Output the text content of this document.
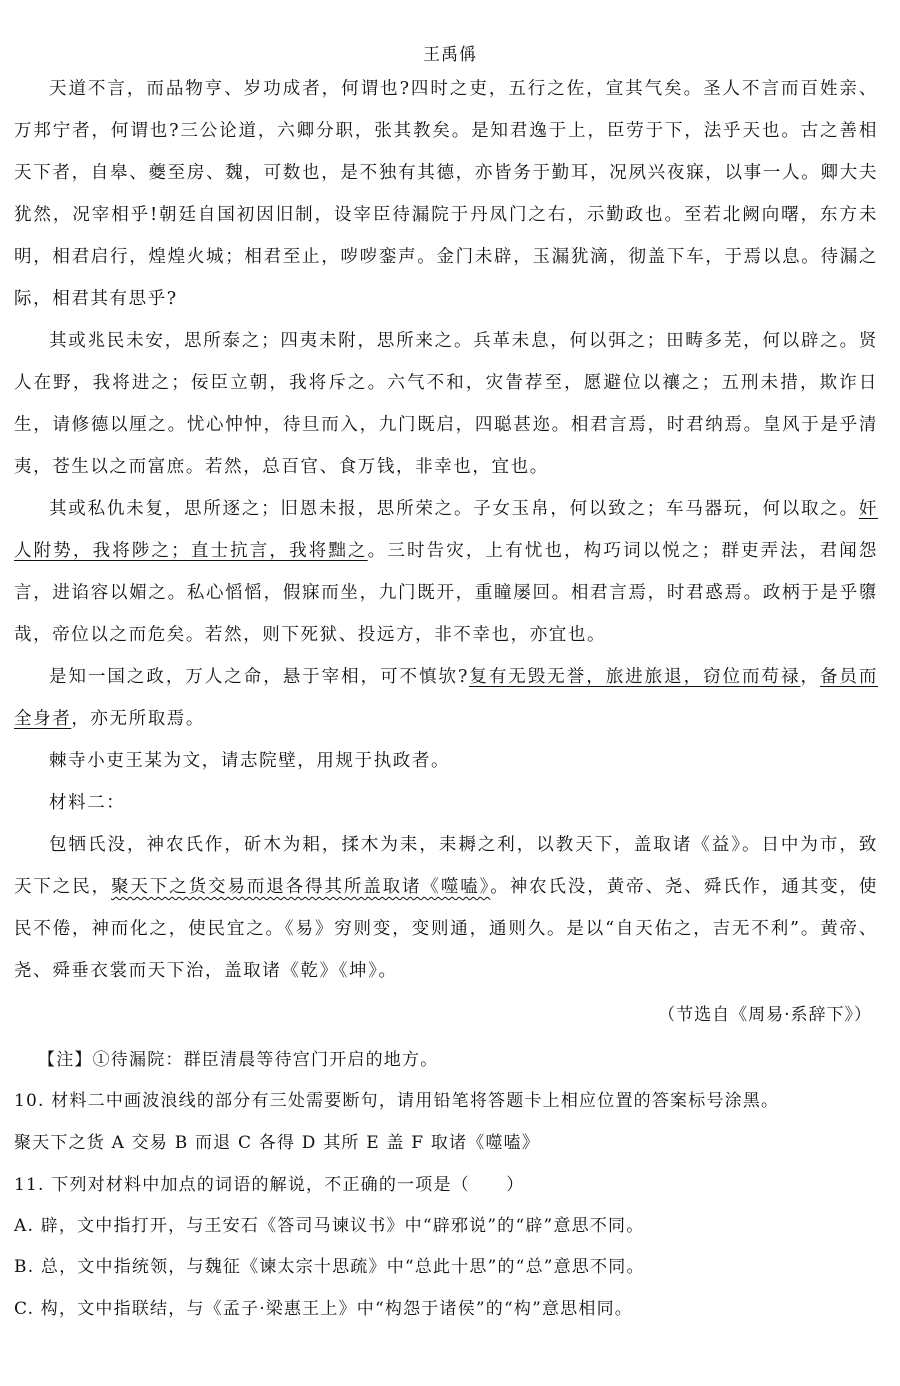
王禹偁

天道不言，而品物亨、岁功成者，何谓也?四时之吏，五行之佐，宣其气矣。圣人不言而百姓亲、万邦宁者，何谓也?三公论道，六卿分职，张其教矣。是知君逸于上，臣劳于下，法乎天也。古之善相天下者，自皋、夔至房、魏，可数也，是不独有其德，亦皆务于勤耳，况夙兴夜寐，以事一人。卿大夫犹然，况宰相乎!朝廷自国初因旧制，设宰臣待漏院于丹凤门之右，示勤政也。至若北阙向曙，东方未明，相君启行，煌煌火城；相君至止，哕哕銮声。金门未辟，玉漏犹滴，彻盖下车，于焉以息。待漏之际，相君其有思乎?

其或兆民未安，思所泰之；四夷未附，思所来之。兵革未息，何以弭之；田畴多芜，何以辟之。贤人在野，我将进之；佞臣立朝，我将斥之。六气不和，灾眚荐至，愿避位以禳之；五刑未措，欺诈日生，请修德以厘之。忧心忡忡，待旦而入，九门既启，四聪甚迩。相君言焉，时君纳焉。皇风于是乎清夷，苍生以之而富庶。若然，总百官、食万钱，非幸也，宜也。

其或私仇未复，思所逐之；旧恩未报，思所荣之。子女玉帛，何以致之；车马器玩，何以取之。奸人附势，我将陟之；直士抗言，我将黜之。三时告灾，上有忧也，构巧词以悦之；群吏弄法，君闻怨言，进谄容以媚之。私心慆慆，假寐而坐，九门既开，重瞳屡回。相君言焉，时君惑焉。政柄于是乎隳哉，帝位以之而危矣。若然，则下死狱、投远方，非不幸也，亦宜也。

是知一国之政，万人之命，悬于宰相，可不慎欤?复有无毁无誉，旅进旅退，窃位而苟禄，备员而全身者，亦无所取焉。

棘寺小吏王某为文，请志院壁，用规于执政者。

材料二：

包牺氏没，神农氏作，斫木为耜，揉木为耒，耒耨之利，以教天下，盖取诸《益》。日中为市，致天下之民，聚天下之货交易而退各得其所盖取诸《噬嗑》。神农氏没，黄帝、尧、舜氏作，通其变，使民不倦，神而化之，使民宜之。《易》穷则变，变则通，通则久。是以“自天佑之，吉无不利”。黄帝、尧、舜垂衣裳而天下治，盖取诸《乾》《坤》。

（节选自《周易·系辞下》）
【注】①待漏院：群臣清晨等待宫门开启的地方。
10. 材料二中画波浪线的部分有三处需要断句，请用铅笔将答题卡上相应位置的答案标号涂黑。
聚天下之货 A 交易 B 而退 C 各得 D 其所 E 盖 F 取诸《噬嗑》
11. 下列对材料中加点的词语的解说，不正确的一项是（　　）
A. 辟，文中指打开，与王安石《答司马谏议书》中“辟邪说”的“辟”意思不同。
B. 总，文中指统领，与魏征《谏太宗十思疏》中“总此十思”的“总”意思不同。
C. 构，文中指联结，与《孟子·梁惠王上》中“构怨于诸侯”的“构”意思相同。
